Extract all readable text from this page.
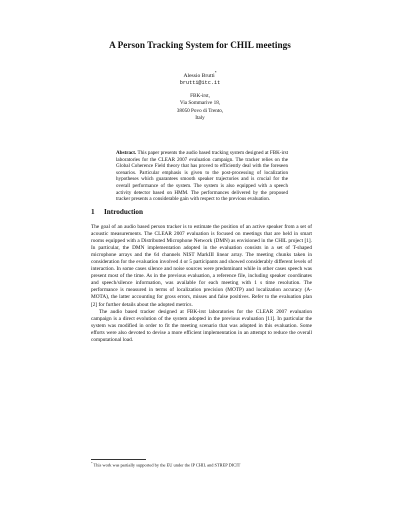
A Person Tracking System for CHIL meetings
Alessio Brutti*
brutti@itc.it
FBK-irst,
Via Sommarive 18,
38050 Povo di Trento,
Italy
Abstract. This paper presents the audio based tracking system designed at FBK-irst laboratories for the CLEAR 2007 evaluation campaign. The tracker relies on the Global Coherence Field theory that has proved to efficiently deal with the foreseen scenarios. Particular emphasis is given to the post-processing of localization hypotheses which guarantees smooth speaker trajectories and is crucial for the overall performance of the system. The system is also equipped with a speech activity detector based on HMM. The performances delivered by the proposed tracker presents a considerable gain with respect to the previous evaluation.
1 Introduction

The goal of an audio based person tracker is to estimate the position of an active speaker from a set of acoustic measurements. The CLEAR 2007 evaluation is focused on meetings that are held in smart rooms equipped with a Distributed Microphone Network (DMN) as envisioned in the CHIL project [1]. In particular, the DMN implementation adopted in the evaluation consists in a set of T-shaped microphone arrays and the 64 channels NIST MarkIII linear array. The meeting chunks taken in consideration for the evaluation involved 4 or 5 participants and showed considerably different levels of interaction. In some cases silence and noise sources were predominant while in other cases speech was present most of the time. As in the previous evaluation, a reference file, including speaker coordinates and speech/silence information, was available for each meeting with 1 s time resolution. The performance is measured in terms of localization precision (MOTP) and localization accuracy (A-MOTA), the latter accounting for gross errors, misses and false positives. Refer to the evaluation plan [2] for further details about the adopted metrics.

The audio based tracker designed at FBK-irst laboratories for the CLEAR 2007 evaluation campaign is a direct evolution of the system adopted in the previous evaluation [11]. In particular the system was modified in order to fit the meeting scenario that was adopted in this evaluation. Some efforts were also devoted to devise a more efficient implementation in an attempt to reduce the overall computational load.

* This work was partially supported by the EU under the IP CHIL and STREP DICIT
